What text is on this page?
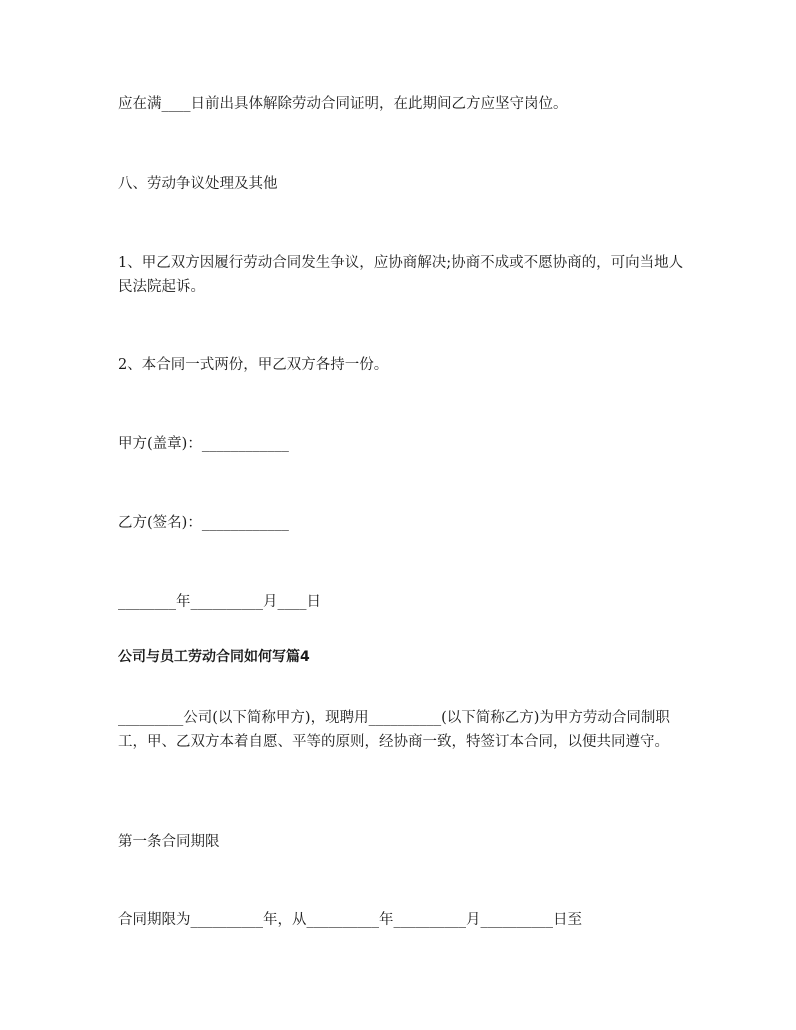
应在满____日前出具体解除劳动合同证明，在此期间乙方应坚守岗位。

八、劳动争议处理及其他

1、甲乙双方因履行劳动合同发生争议，应协商解决;协商不成或不愿协商的，可向当地人民法院起诉。

2、本合同一式两份，甲乙双方各持一份。

甲方(盖章)：____________

乙方(签名)：____________

________年__________月____日

公司与员工劳动合同如何写篇4

_________公司(以下简称甲方)，现聘用__________(以下简称乙方)为甲方劳动合同制职工，甲、乙双方本着自愿、平等的原则，经协商一致，特签订本合同，以便共同遵守。

第一条合同期限

合同期限为__________年，从__________年__________月__________日至
